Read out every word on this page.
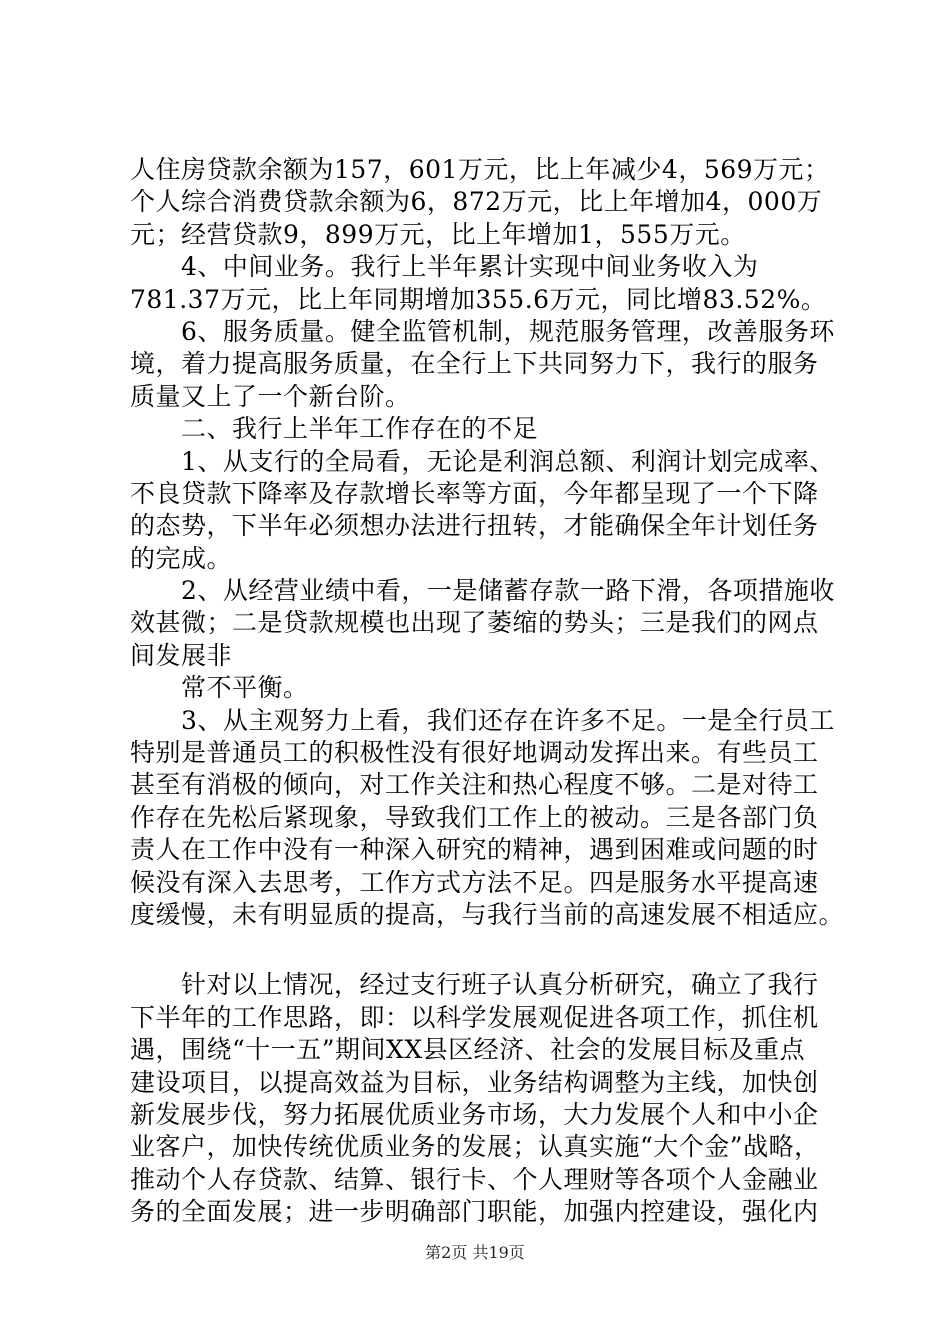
人住房贷款余额为157，601万元，比上年减少4，569万元；
个人综合消费贷款余额为6，872万元，比上年增加4，000万
元；经营贷款9，899万元，比上年增加1，555万元。
　　4、中间业务。我行上半年累计实现中间业务收入为
781.37万元，比上年同期增加355.6万元，同比增83.52%。
　　6、服务质量。健全监管机制，规范服务管理，改善服务环
境，着力提高服务质量，在全行上下共同努力下，我行的服务
质量又上了一个新台阶。
　　二、我行上半年工作存在的不足
　　1、从支行的全局看，无论是利润总额、利润计划完成率、
不良贷款下降率及存款增长率等方面，今年都呈现了一个下降
的态势，下半年必须想办法进行扭转，才能确保全年计划任务
的完成。
　　2、从经营业绩中看，一是储蓄存款一路下滑，各项措施收
效甚微；二是贷款规模也出现了萎缩的势头；三是我们的网点
间发展非
　　常不平衡。
　　3、从主观努力上看，我们还存在许多不足。一是全行员工
特别是普通员工的积极性没有很好地调动发挥出来。有些员工
甚至有消极的倾向，对工作关注和热心程度不够。二是对待工
作存在先松后紧现象，导致我们工作上的被动。三是各部门负
责人在工作中没有一种深入研究的精神，遇到困难或问题的时
候没有深入去思考，工作方式方法不足。四是服务水平提高速
度缓慢，未有明显质的提高，与我行当前的高速发展不相适应。
　　针对以上情况，经过支行班子认真分析研究，确立了我行
下半年的工作思路，即：以科学发展观促进各项工作，抓住机
遇，围绕“十一五”期间XX县区经济、社会的发展目标及重点
建设项目，以提高效益为目标，业务结构调整为主线，加快创
新发展步伐，努力拓展优质业务市场，大力发展个人和中小企
业客户，加快传统优质业务的发展；认真实施“大个金”战略，
推动个人存贷款、结算、银行卡、个人理财等各项个人金融业
务的全面发展；进一步明确部门职能，加强内控建设，强化内
第2页 共19页
